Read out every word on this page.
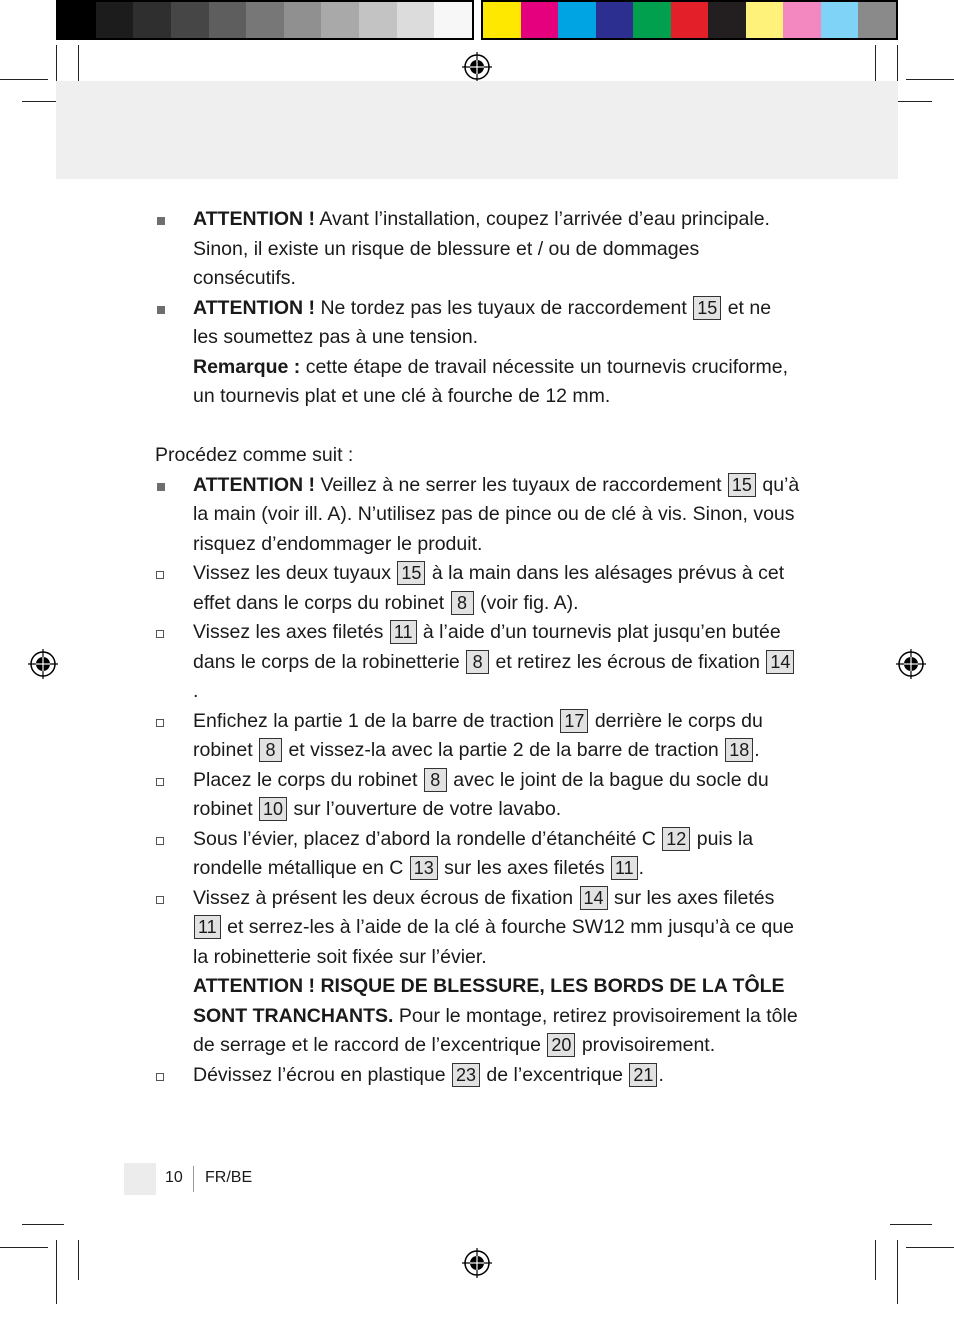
ATTENTION ! Avant l’installation, coupez l’arrivée d’eau principale. Sinon, il existe un risque de blessure et / ou de dommages consécutifs.
ATTENTION ! Ne tordez pas les tuyaux de raccordement 15 et ne les soumettez pas à une tension.
Remarque : cette étape de travail nécessite un tournevis cruciforme, un tournevis plat et une clé à fourche de 12 mm.
Procédez comme suit :
ATTENTION ! Veillez à ne serrer les tuyaux de raccordement 15 qu’à la main (voir ill. A). N’utilisez pas de pince ou de clé à vis. Sinon, vous risquez d’endommager le produit.
Vissez les deux tuyaux 15 à la main dans les alésages prévus à cet effet dans le corps du robinet 8 (voir fig. A).
Vissez les axes filetés 11 à l’aide d’un tournevis plat jusqu’en butée dans le corps de la robinetterie 8 et retirez les écrous de fixation 14.
Enfichez la partie 1 de la barre de traction 17 derrière le corps du robinet 8 et vissez-la avec la partie 2 de la barre de traction 18 .
Placez le corps du robinet 8 avec le joint de la bague du socle du robinet 10 sur l’ouverture de votre lavabo.
Sous l’évier, placez d’abord la rondelle d’étanchéité C 12 puis la rondelle métallique en C 13 sur les axes filetés 11 .
Vissez à présent les deux écrous de fixation 14 sur les axes filetés 11 et serrez-les à l’aide de la clé à fourche SW12 mm jusqu’à ce que la robinetterie soit fixée sur l’évier.
ATTENTION ! RISQUE DE BLESSURE, LES BORDS DE LA TÔLE SONT TRANCHANTS. Pour le montage, retirez provisoirement la tôle de serrage et le raccord de l’excentrique 20 provisoirement.
Dévissez l’écrou en plastique 23 de l’excentrique 21 .
10 FR/BE
